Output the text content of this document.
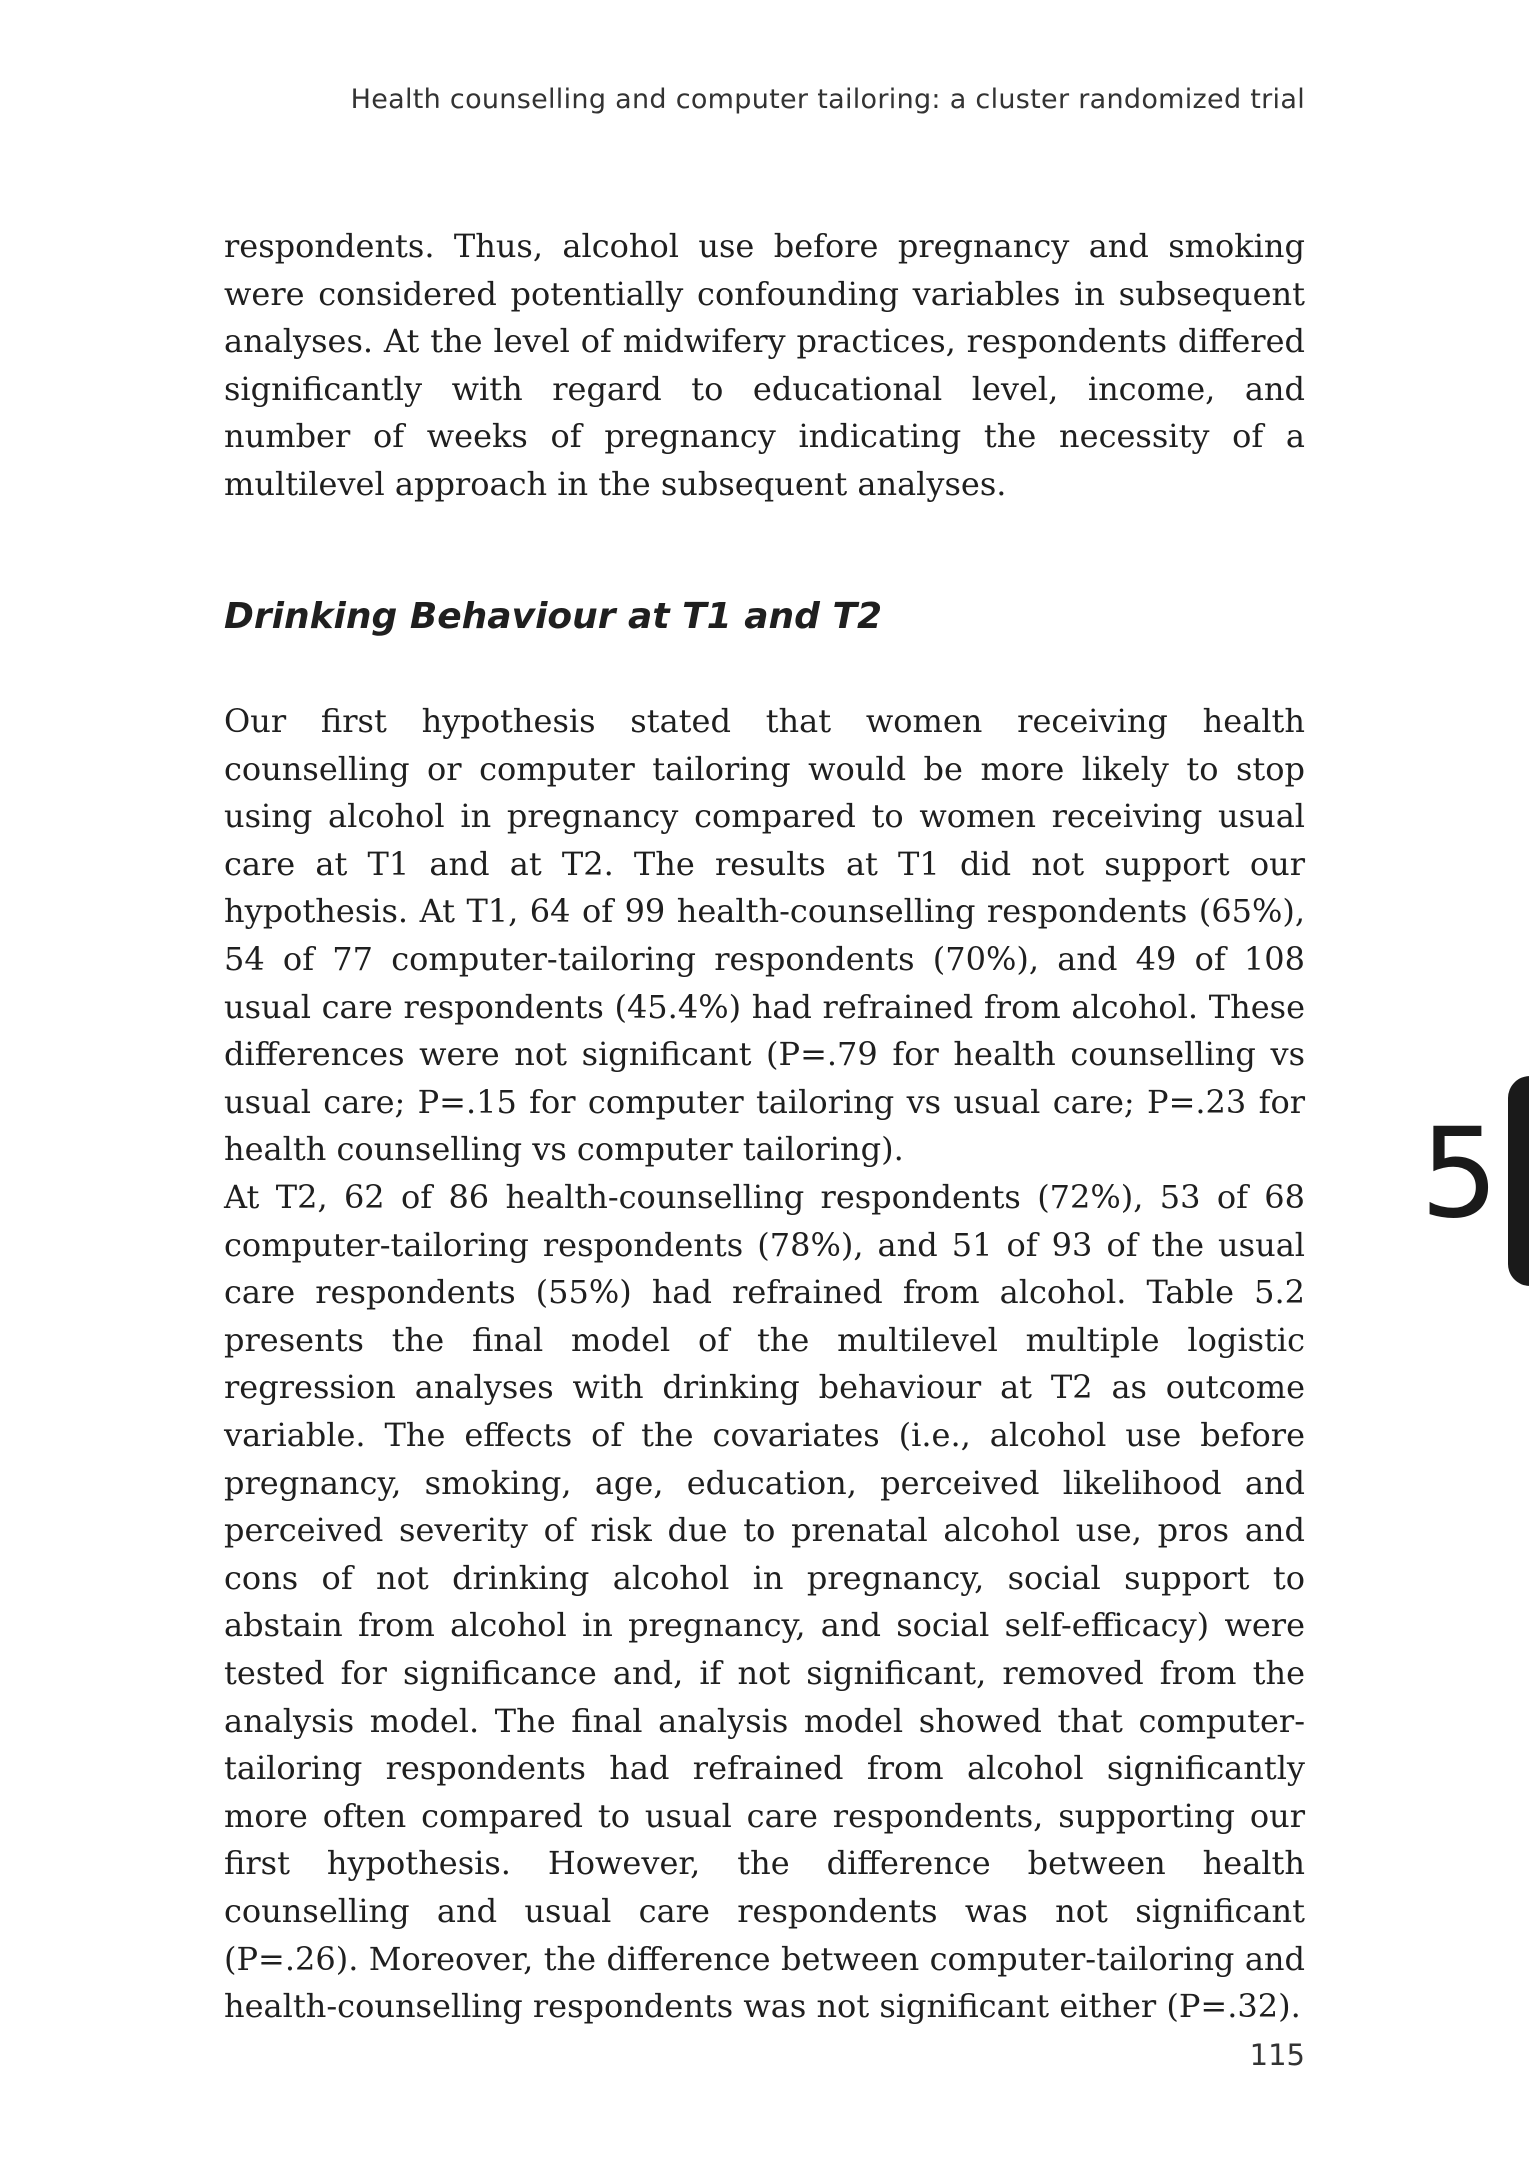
Health counselling and computer tailoring: a cluster randomized trial

respondents. Thus, alcohol use before pregnancy and smoking were considered potentially confounding variables in subsequent analyses. At the level of midwifery practices, respondents differed significantly with regard to educational level, income, and number of weeks of pregnancy indicating the necessity of a multilevel approach in the subsequent analyses.

Drinking Behaviour at T1 and T2

Our first hypothesis stated that women receiving health counselling or computer tailoring would be more likely to stop using alcohol in pregnancy compared to women receiving usual care at T1 and at T2. The results at T1 did not support our hypothesis. At T1, 64 of 99 health-counselling respondents (65%), 54 of 77 computer-tailoring respondents (70%), and 49 of 108 usual care respondents (45.4%) had refrained from alcohol. These differences were not significant (P=.79 for health counselling vs usual care; P=.15 for computer tailoring vs usual care; P=.23 for health counselling vs computer tailoring).

At T2, 62 of 86 health-counselling respondents (72%), 53 of 68 computer-tailoring respondents (78%), and 51 of 93 of the usual care respondents (55%) had refrained from alcohol. Table 5.2 presents the final model of the multilevel multiple logistic regression analyses with drinking behaviour at T2 as outcome variable. The effects of the covariates (i.e., alcohol use before pregnancy, smoking, age, education, perceived likelihood and perceived severity of risk due to prenatal alcohol use, pros and cons of not drinking alcohol in pregnancy, social support to abstain from alcohol in pregnancy, and social self-efficacy) were tested for significance and, if not significant, removed from the analysis model. The final analysis model showed that computer-tailoring respondents had refrained from alcohol significantly more often compared to usual care respondents, supporting our first hypothesis. However, the difference between health counselling and usual care respondents was not significant (P=.26). Moreover, the difference between computer-tailoring and health-counselling respondents was not significant either (P=.32).

5
115
